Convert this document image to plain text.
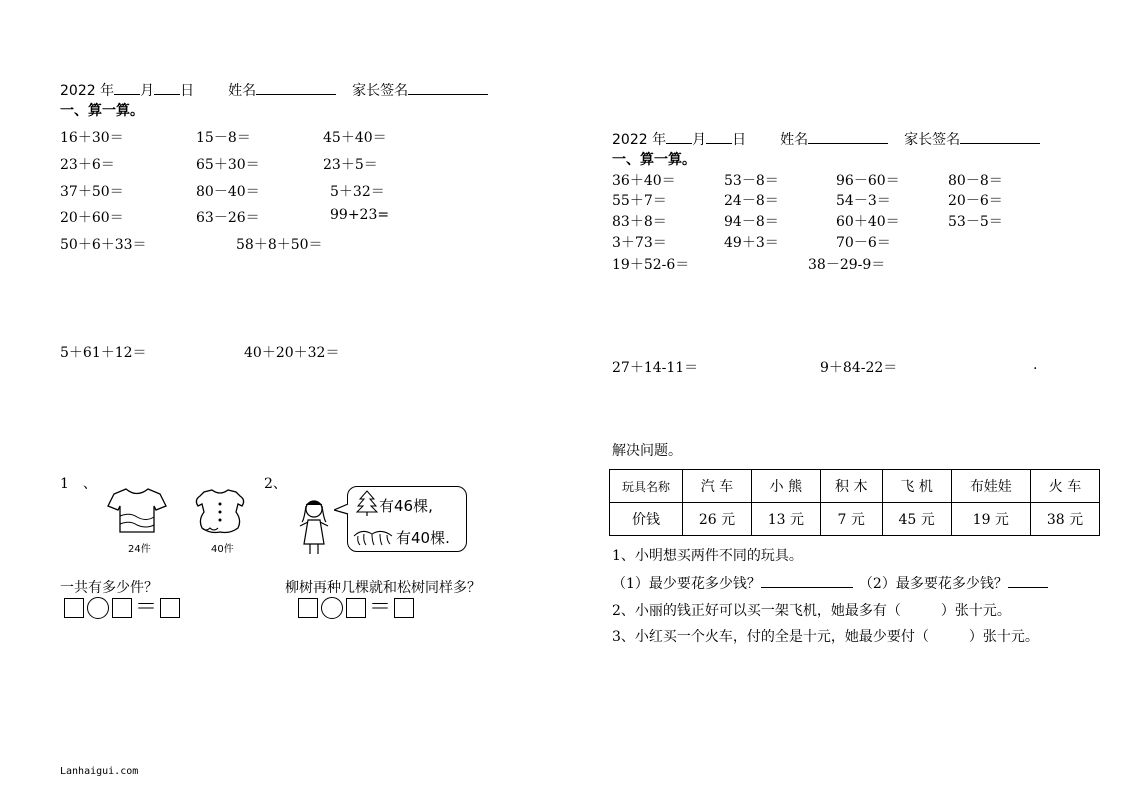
2022 年 月 日 姓名	家长签名
一、算一算。
16＋30＝	15－8＝	45＋40＝
23＋6＝	65＋30＝	23＋5＝
37＋50＝	80－40＝	5＋32＝
20＋60＝	63－26＝	99+23=
50＋6＋33＝	58＋8＋50＝
5＋61＋12＝	40＋20＋32＝
1　、
24件	40件
一共有多少件？
＝
2、
有46棵,
有40棵.
柳树再种几棵就和松树同样多？
＝
Lanhaigui.com
2022 年 月 日 姓名	家长签名
一、算一算。
36＋40＝	53－8＝	96－60＝	80－8＝
55＋7＝	24－8＝	54－3＝	20－6＝
83＋8＝	94－8＝	60＋40＝	53－5＝
3＋73＝	49＋3＝	70－6＝
19＋52-6＝	38－29-9＝
27＋14-11＝	9＋84-22＝	.
解决问题。
玩具名称	汽 车	小 熊	积 木	飞 机	布娃娃	火 车
价钱	26 元	13 元	7 元	45 元	19 元	38 元
1、小明想买两件不同的玩具。
（1）最少要花多少钱？	（2）最多要花多少钱？
2、小丽的钱正好可以买一架飞机，她最多有（	）张十元。
3、小红买一个火车，付的全是十元，她最少要付（	）张十元。
